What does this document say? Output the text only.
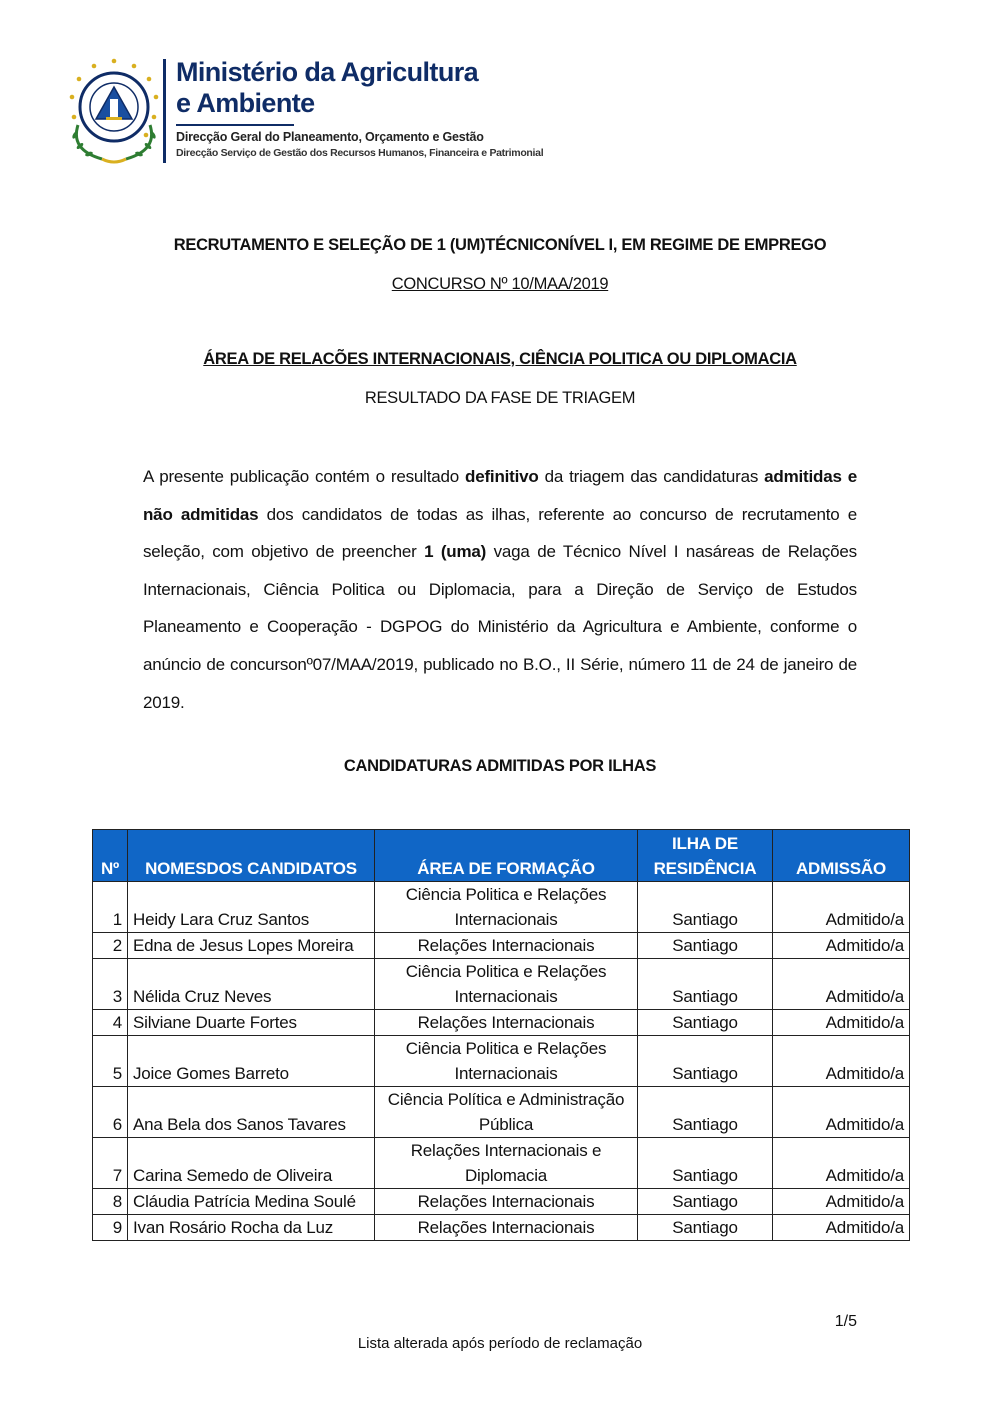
Ministério da Agricultura
e Ambiente
Direcção Geral do Planeamento, Orçamento e Gestão
Direcção Serviço de Gestão dos Recursos Humanos, Financeira e Patrimonial
RECRUTAMENTO E SELEÇÃO DE 1 (UM)TÉCNICONÍVEL I, EM REGIME DE EMPREGO
CONCURSO Nº 10/MAA/2019
ÁREA DE RELACÕES INTERNACIONAIS, CIÊNCIA POLITICA OU DIPLOMACIA
RESULTADO DA FASE DE TRIAGEM
A presente publicação contém o resultado definitivo da triagem das candidaturas admitidas e não admitidas dos candidatos de todas as ilhas, referente ao concurso de recrutamento e seleção, com objetivo de preencher 1 (uma) vaga de Técnico Nível I nasáreas de Relações Internacionais, Ciência Politica ou Diplomacia, para a Direção de Serviço de Estudos Planeamento e Cooperação - DGPOG do Ministério da Agricultura e Ambiente, conforme o anúncio de concursonº07/MAA/2019, publicado no B.O., II Série, número 11 de 24 de janeiro de 2019.
CANDIDATURAS ADMITIDAS POR ILHAS
Nº	NOMESDOS CANDIDATOS	ÁREA DE FORMAÇÃO	ILHA DE RESIDÊNCIA	ADMISSÃO
1	Heidy Lara Cruz Santos	Ciência Politica e Relações Internacionais	Santiago	Admitido/a
2	Edna de Jesus Lopes Moreira	Relações Internacionais	Santiago	Admitido/a
3	Nélida Cruz Neves	Ciência Politica e Relações Internacionais	Santiago	Admitido/a
4	Silviane Duarte Fortes	Relações Internacionais	Santiago	Admitido/a
5	Joice Gomes Barreto	Ciência Politica e Relações Internacionais	Santiago	Admitido/a
6	Ana Bela dos Sanos Tavares	Ciência Política e Administração Pública	Santiago	Admitido/a
7	Carina Semedo de Oliveira	Relações Internacionais e Diplomacia	Santiago	Admitido/a
8	Cláudia Patrícia Medina Soulé	Relações Internacionais	Santiago	Admitido/a
9	Ivan Rosário Rocha da Luz	Relações Internacionais	Santiago	Admitido/a
1/5
Lista alterada após período de reclamação
